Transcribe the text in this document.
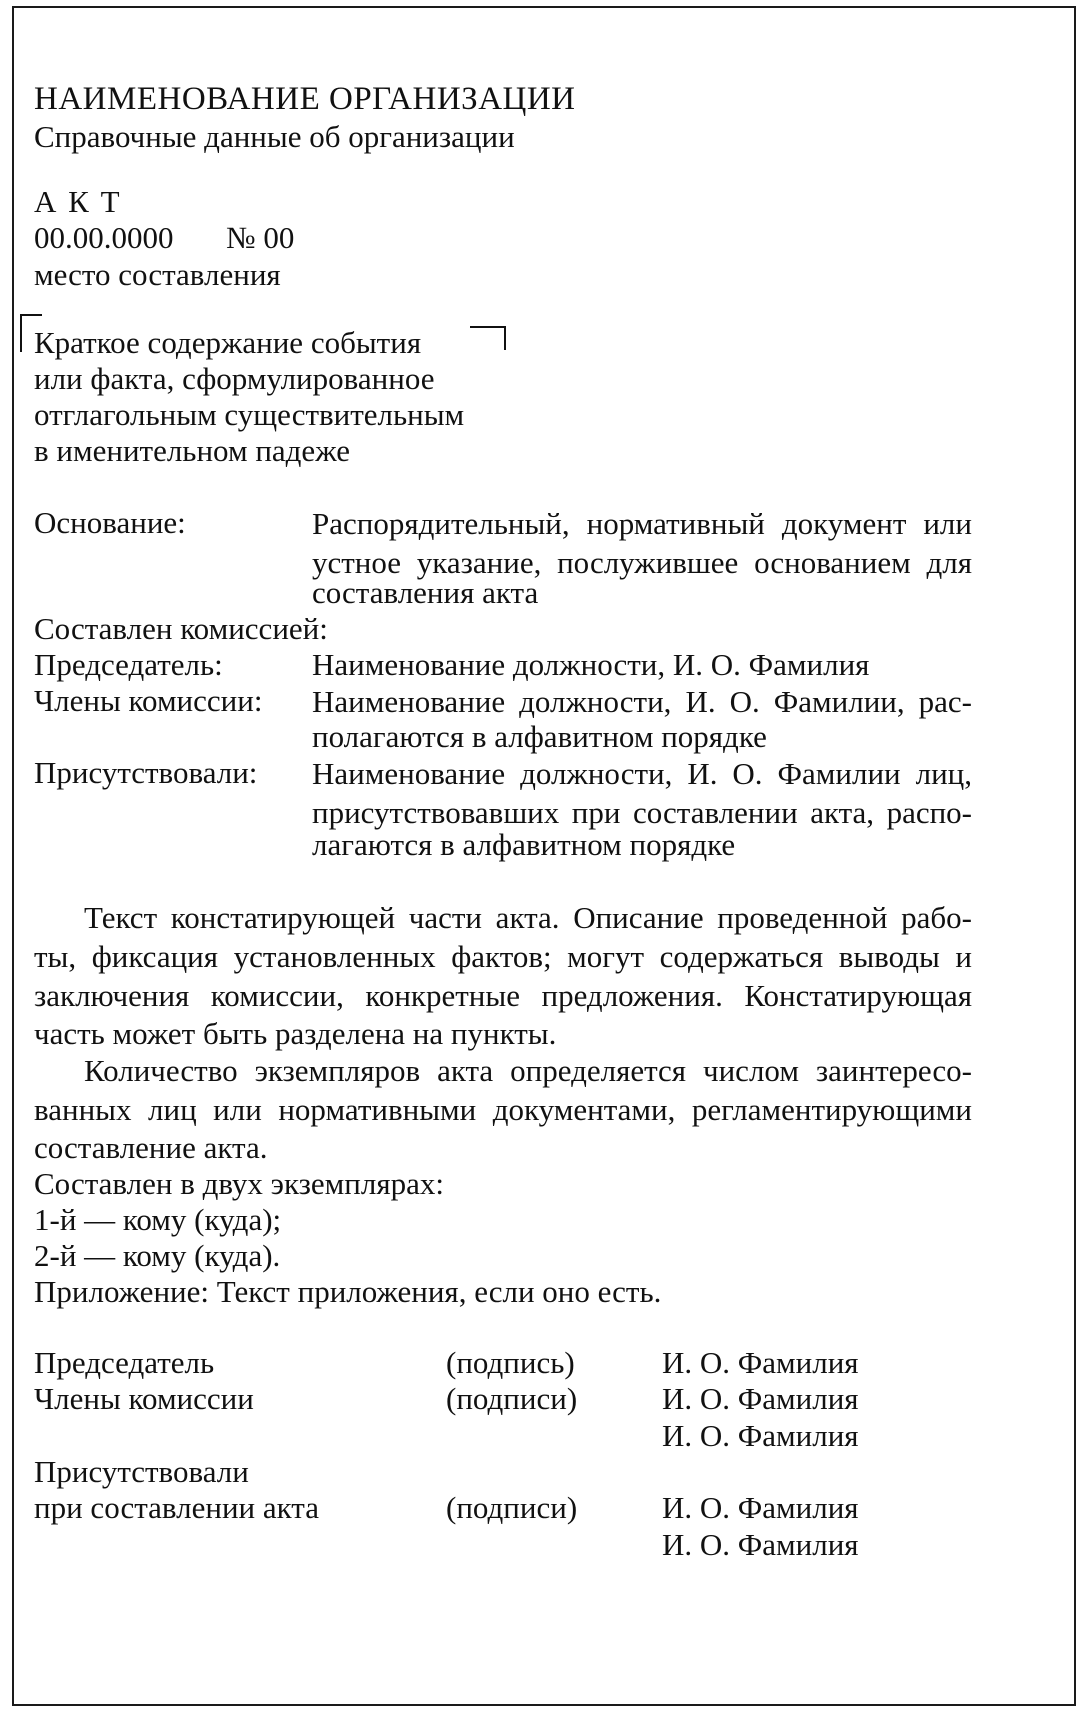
НАИМЕНОВАНИЕ ОРГАНИЗАЦИИ
Справочные данные об организации
А К Т
00.00.0000 № 00
место составления
Краткое содержание события
или факта, сформулированное
отглагольным существительным
в именительном падеже
Основание:	Распорядительный, нормативный документ или
устное указание, послужившее основанием для
составления акта
Составлен комиссией:
Председатель:	Наименование должности, И. О. Фамилия
Члены комиссии: Наименование должности, И. О. Фамилии, рас-
полагаются в алфавитном порядке
Присутствовали: Наименование должности, И. О. Фамилии лиц,
присутствовавших при составлении акта, распо-
лагаются в алфавитном порядке
Текст констатирующей части акта. Описание проведенной рабо-
ты, фиксация установленных фактов; могут содержаться выводы и
заключения комиссии, конкретные предложения. Констатирующая
часть может быть разделена на пункты.
Количество экземпляров акта определяется числом заинтересо-
ванных лиц или нормативными документами, регламентирующими
составление акта.
Составлен в двух экземплярах:
1-й — кому (куда);
2-й — кому (куда).
Приложение: Текст приложения, если оно есть.
Председатель	(подпись)	И. О. Фамилия
Члены комиссии	(подписи)	И. О. Фамилия
И. О. Фамилия
Присутствовали
при составлении акта	(подписи)	И. О. Фамилия
И. О. Фамилия
